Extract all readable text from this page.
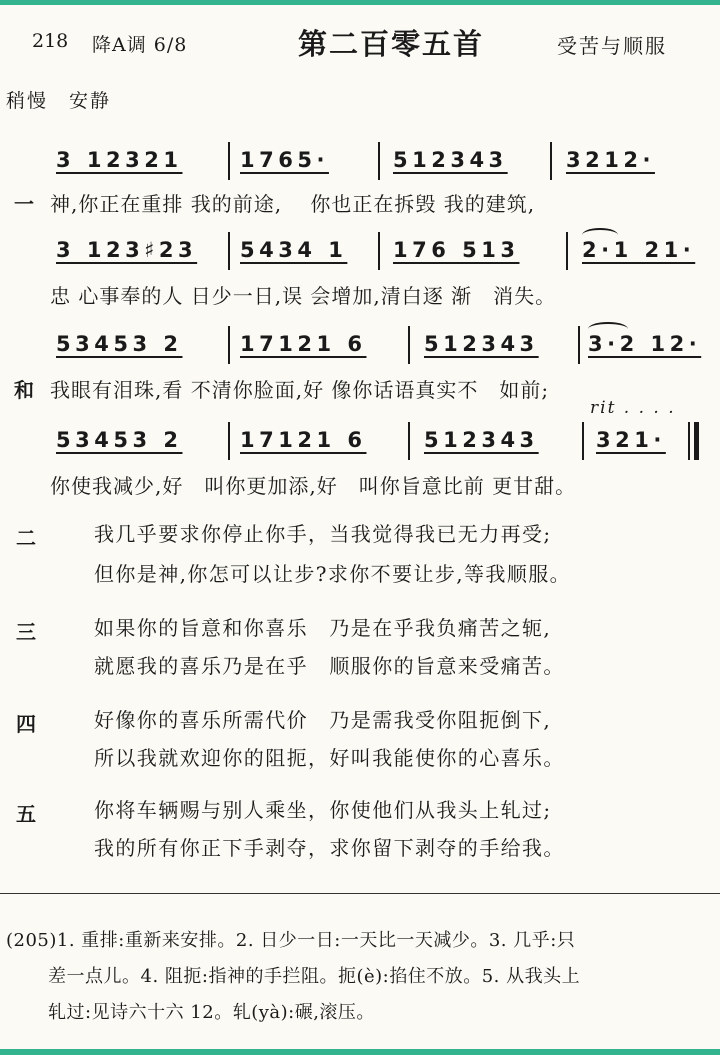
218 降A调 6/8	第二百零五首	受苦与顺服
稍慢　安静
3 12321	1765·	512343	3212·
一 神,你正在重排 我的前途,　 你也正在拆毁 我的建筑,
3 123♯23 5434 1 176 513	2·1 21·
忠 心事奉的人 日少一日,误 会增加,清白逐 渐　消失。
53453 2	17121 6	512343 3·2 12·
和 我眼有泪珠,看 不清你脸面,好 像你话语真实不　如前;
rit . . . .
53453 2	17121 6	512343	321·
你使我减少,好　叫你更加添,好　叫你旨意比前 更甘甜。
二	我几乎要求你停止你手，当我觉得我已无力再受;
但你是神,你怎可以让步?求你不要让步,等我顺服。
三	如果你的旨意和你喜乐　乃是在乎我负痛苦之轭,
就愿我的喜乐乃是在乎　顺服你的旨意来受痛苦。
四	好像你的喜乐所需代价　乃是需我受你阻扼倒下,
所以我就欢迎你的阻扼，好叫我能使你的心喜乐。
五	你将车辆赐与别人乘坐，你使他们从我头上轧过;
我的所有你正下手剥夺，求你留下剥夺的手给我。
(205)1. 重排:重新来安排。2. 日少一日:一天比一天减少。3. 几乎:只
差一点儿。4. 阻扼:指神的手拦阻。扼(è):掐住不放。5. 从我头上
轧过:见诗六十六 12。轧(yà):碾,滚压。
